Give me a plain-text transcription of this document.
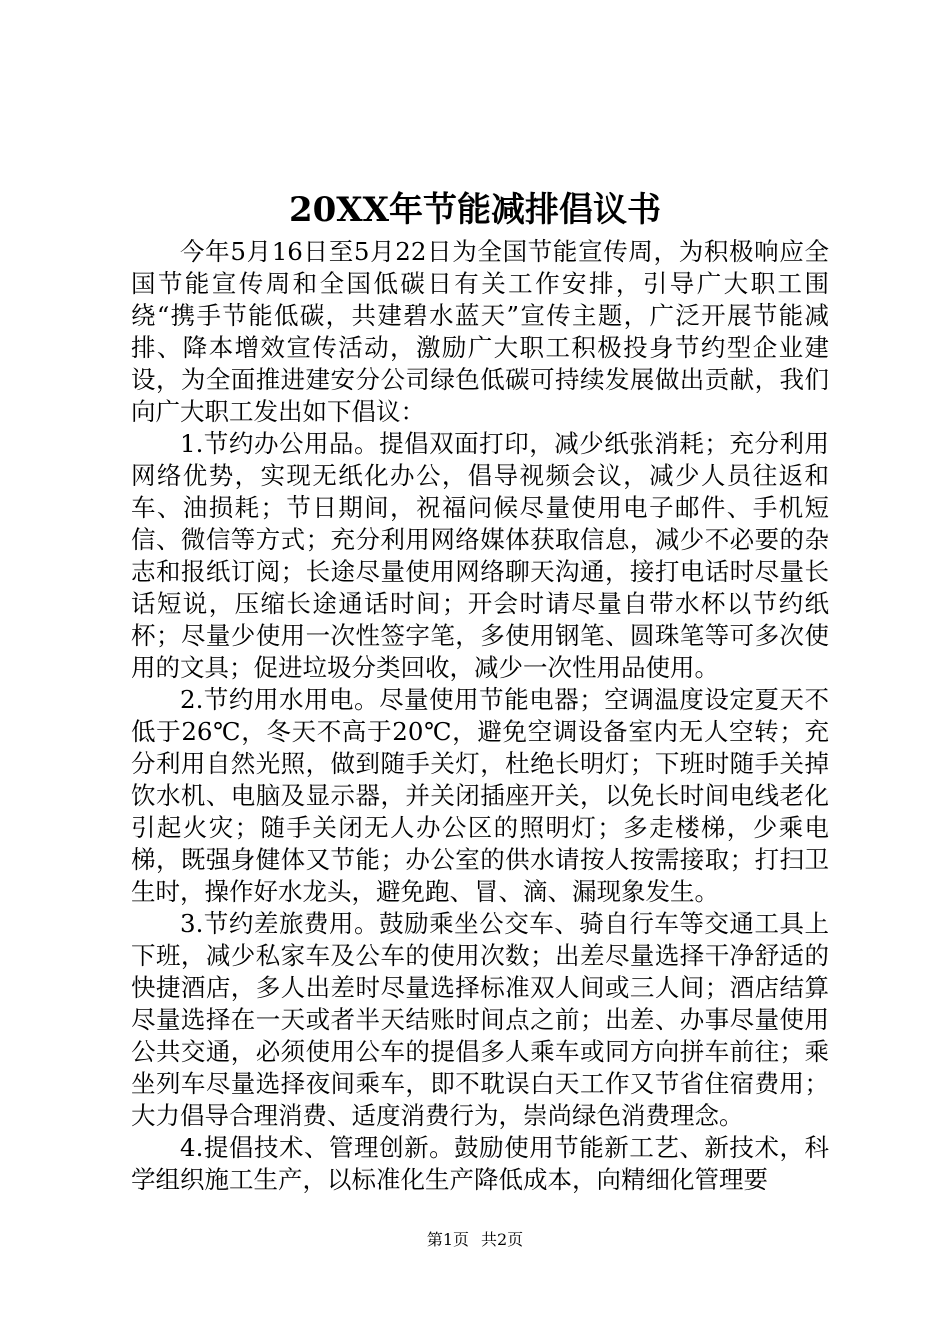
20XX年节能减排倡议书

今年5月16日至5月22日为全国节能宣传周，为积极响应全国节能宣传周和全国低碳日有关工作安排，引导广大职工围绕“携手节能低碳，共建碧水蓝天”宣传主题，广泛开展节能减排、降本增效宣传活动，激励广大职工积极投身节约型企业建设，为全面推进建安分公司绿色低碳可持续发展做出贡献，我们向广大职工发出如下倡议：

1.节约办公用品。提倡双面打印，减少纸张消耗；充分利用网络优势，实现无纸化办公，倡导视频会议，减少人员往返和车、油损耗；节日期间，祝福问候尽量使用电子邮件、手机短信、微信等方式；充分利用网络媒体获取信息，减少不必要的杂志和报纸订阅；长途尽量使用网络聊天沟通，接打电话时尽量长话短说，压缩长途通话时间；开会时请尽量自带水杯以节约纸杯；尽量少使用一次性签字笔，多使用钢笔、圆珠笔等可多次使用的文具；促进垃圾分类回收，减少一次性用品使用。

2.节约用水用电。尽量使用节能电器；空调温度设定夏天不低于26℃，冬天不高于20℃，避免空调设备室内无人空转；充分利用自然光照，做到随手关灯，杜绝长明灯；下班时随手关掉饮水机、电脑及显示器，并关闭插座开关，以免长时间电线老化引起火灾；随手关闭无人办公区的照明灯；多走楼梯，少乘电梯，既强身健体又节能；办公室的供水请按人按需接取；打扫卫生时，操作好水龙头，避免跑、冒、滴、漏现象发生。

3.节约差旅费用。鼓励乘坐公交车、骑自行车等交通工具上下班，减少私家车及公车的使用次数；出差尽量选择干净舒适的快捷酒店，多人出差时尽量选择标准双人间或三人间；酒店结算尽量选择在一天或者半天结账时间点之前；出差、办事尽量使用公共交通，必须使用公车的提倡多人乘车或同方向拼车前往；乘坐列车尽量选择夜间乘车，即不耽误白天工作又节省住宿费用；大力倡导合理消费、适度消费行为，崇尚绿色消费理念。

4.提倡技术、管理创新。鼓励使用节能新工艺、新技术，科学组织施工生产，以标准化生产降低成本，向精细化管理要

第1页 共2页
